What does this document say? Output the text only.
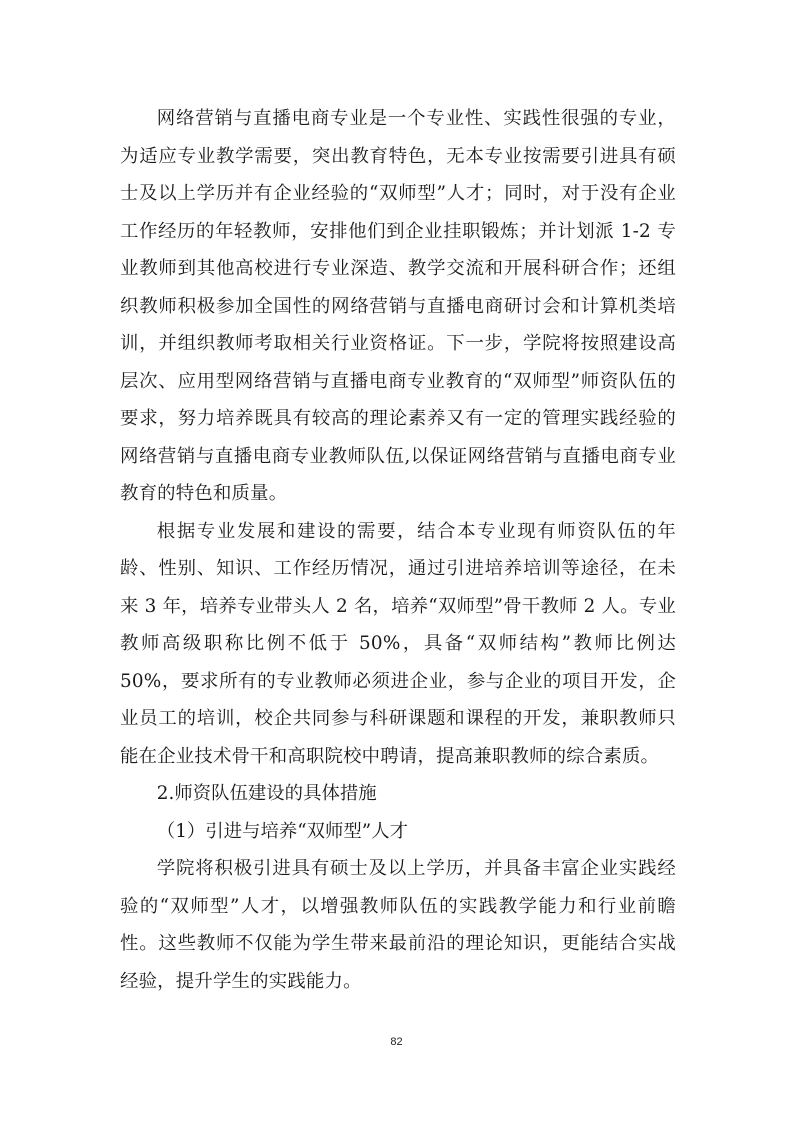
网络营销与直播电商专业是一个专业性、实践性很强的专业，为适应专业教学需要，突出教育特色，无本专业按需要引进具有硕士及以上学历并有企业经验的“双师型”人才；同时，对于没有企业工作经历的年轻教师，安排他们到企业挂职锻炼；并计划派 1-2 专业教师到其他高校进行专业深造、教学交流和开展科研合作；还组织教师积极参加全国性的网络营销与直播电商研讨会和计算机类培训，并组织教师考取相关行业资格证。下一步，学院将按照建设高层次、应用型网络营销与直播电商专业教育的“双师型”师资队伍的要求，努力培养既具有较高的理论素养又有一定的管理实践经验的网络营销与直播电商专业教师队伍,以保证网络营销与直播电商专业教育的特色和质量。

根据专业发展和建设的需要，结合本专业现有师资队伍的年龄、性别、知识、工作经历情况，通过引进培养培训等途径，在未来 3 年，培养专业带头人 2 名，培养“双师型”骨干教师 2 人。专业教师高级职称比例不低于 50%，具备“双师结构”教师比例达 50%，要求所有的专业教师必须进企业，参与企业的项目开发，企业员工的培训，校企共同参与科研课题和课程的开发，兼职教师只能在企业技术骨干和高职院校中聘请，提高兼职教师的综合素质。

2.师资队伍建设的具体措施

（1）引进与培养“双师型”人才

学院将积极引进具有硕士及以上学历，并具备丰富企业实践经验的“双师型”人才，以增强教师队伍的实践教学能力和行业前瞻性。这些教师不仅能为学生带来最前沿的理论知识，更能结合实战经验，提升学生的实践能力。

82
